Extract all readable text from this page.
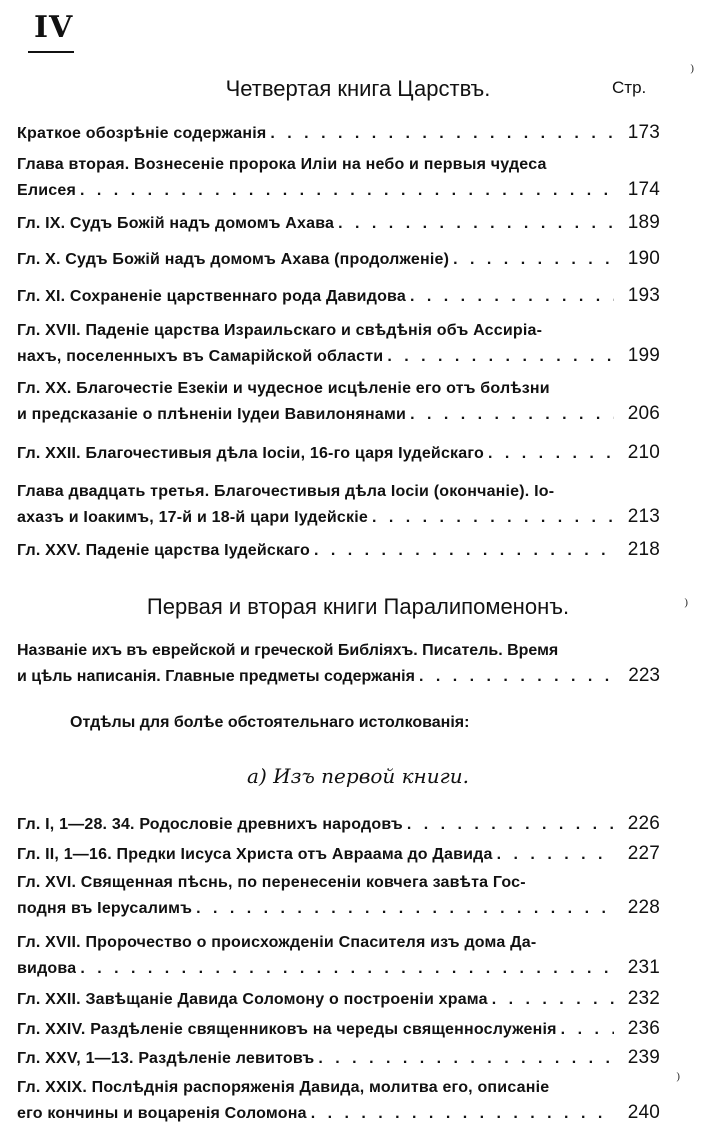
IV
Четвертая книга Царствъ.	Стр.
Краткое обозрѣніе содержанія . . .	173
Глава вторая. Вознесеніе пророка Иліи на небо и первыя чудеса
Елисея . . .	174
Гл. IX. Судъ Божій надъ домомъ Ахава . . .	189
Гл. X. Судъ Божій надъ домомъ Ахава (продолженіе) . . .	190
Гл. XI. Сохраненіе царственнаго рода Давидова . . .	193
Гл. XVII. Паденіе царства Израильскаго и свѣдѣнія объ Ассиріа-
нахъ, поселенныхъ въ Самарійской области . . .	199
Гл. XX. Благочестіе Езекіи и чудесное исцѣленіе его отъ болѣзни
и предсказаніе о плѣненіи Іудеи Вавилонянами . . .	206
Гл. XXII. Благочестивыя дѣла Іосіи, 16-го царя Іудейскаго . . .	210
Глава двадцать третья. Благочестивыя дѣла Іосіи (окончаніе). Іо-
ахазъ и Іоакимъ, 17-й и 18-й цари Іудейскіе . . .	213
Гл. XXV. Паденіе царства Іудейскаго . . .	218
Первая и вторая книги Паралипоменонъ.
Названіе ихъ въ еврейской и греческой Библіяхъ. Писатель. Время
и цѣль написанія. Главные предметы содержанія . . .	223
Отдѣлы для болѣе обстоятельнаго истолкованія:
а) Изъ первой книги.
Гл. I, 1—28. 34. Родословіе древнихъ народовъ . . .	226
Гл. II, 1—16. Предки Іисуса Христа отъ Авраама до Давида . . .	227
Гл. XVI. Священная пѣснь, по перенесеніи ковчега завѣта Гос-
подня въ Іерусалимъ . . .	228
Гл. XVII. Пророчество о происхожденіи Спасителя изъ дома Да-
видова . . .	231
Гл. XXII. Завѣщаніе Давида Соломону о построеніи храма . . .	232
Гл. XXIV. Раздѣленіе священниковъ на череды священнослуженія . . .	236
Гл. XXV, 1—13. Раздѣленіе левитовъ . . .	239
Гл. XXIX. Послѣднія распоряженія Давида, молитва его, описаніе
его кончины и воцаренія Соломона . . .	240
⁾
⁾
⁾
